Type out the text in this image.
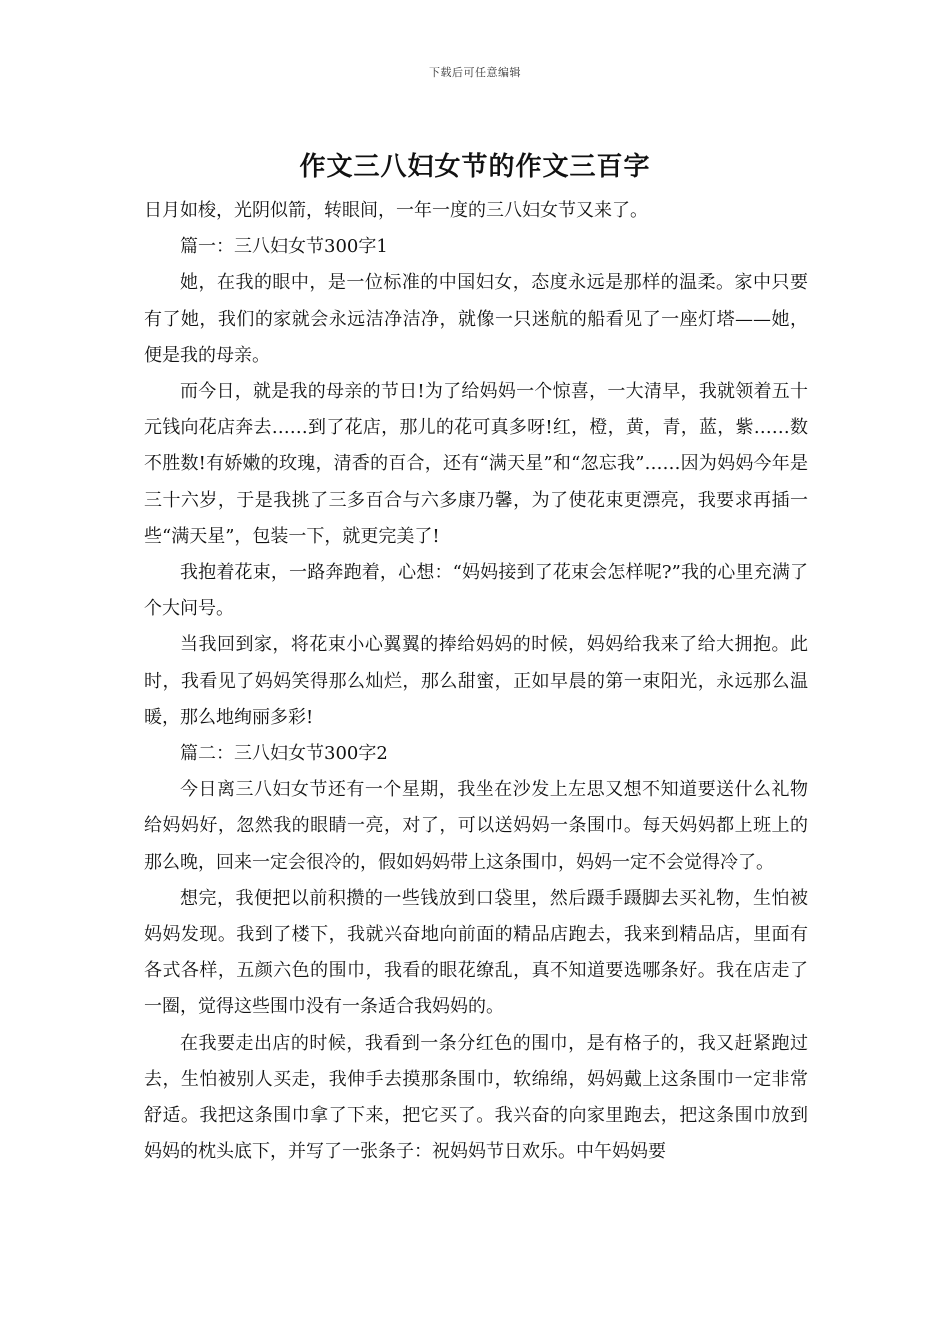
下载后可任意编辑
作文三八妇女节的作文三百字

日月如梭，光阴似箭，转眼间，一年一度的三八妇女节又来了。

篇一：三八妇女节300字1

她，在我的眼中，是一位标准的中国妇女，态度永远是那样的温柔。家中只要有了她，我们的家就会永远洁净洁净，就像一只迷航的船看见了一座灯塔——她，便是我的母亲。

而今日，就是我的母亲的节日!为了给妈妈一个惊喜，一大清早，我就领着五十元钱向花店奔去……到了花店，那儿的花可真多呀!红，橙，黄，青，蓝，紫……数不胜数!有娇嫩的玫瑰，清香的百合，还有“满天星”和“忽忘我”……因为妈妈今年是三十六岁，于是我挑了三多百合与六多康乃馨，为了使花束更漂亮，我要求再插一些“满天星”，包装一下，就更完美了!

我抱着花束，一路奔跑着，心想：“妈妈接到了花束会怎样呢?”我的心里充满了个大问号。

当我回到家，将花束小心翼翼的捧给妈妈的时候，妈妈给我来了给大拥抱。此时，我看见了妈妈笑得那么灿烂，那么甜蜜，正如早晨的第一束阳光，永远那么温暖，那么地绚丽多彩!

篇二：三八妇女节300字2

今日离三八妇女节还有一个星期，我坐在沙发上左思又想不知道要送什么礼物给妈妈好，忽然我的眼睛一亮，对了，可以送妈妈一条围巾。每天妈妈都上班上的那么晚，回来一定会很冷的，假如妈妈带上这条围巾，妈妈一定不会觉得冷了。

想完，我便把以前积攒的一些钱放到口袋里，然后蹑手蹑脚去买礼物，生怕被妈妈发现。我到了楼下，我就兴奋地向前面的精品店跑去，我来到精品店，里面有各式各样，五颜六色的围巾，我看的眼花缭乱，真不知道要选哪条好。我在店走了一圈，觉得这些围巾没有一条适合我妈妈的。

在我要走出店的时候，我看到一条分红色的围巾，是有格子的，我又赶紧跑过去，生怕被别人买走，我伸手去摸那条围巾，软绵绵，妈妈戴上这条围巾一定非常舒适。我把这条围巾拿了下来，把它买了。我兴奋的向家里跑去，把这条围巾放到妈妈的枕头底下，并写了一张条子：祝妈妈节日欢乐。中午妈妈要
